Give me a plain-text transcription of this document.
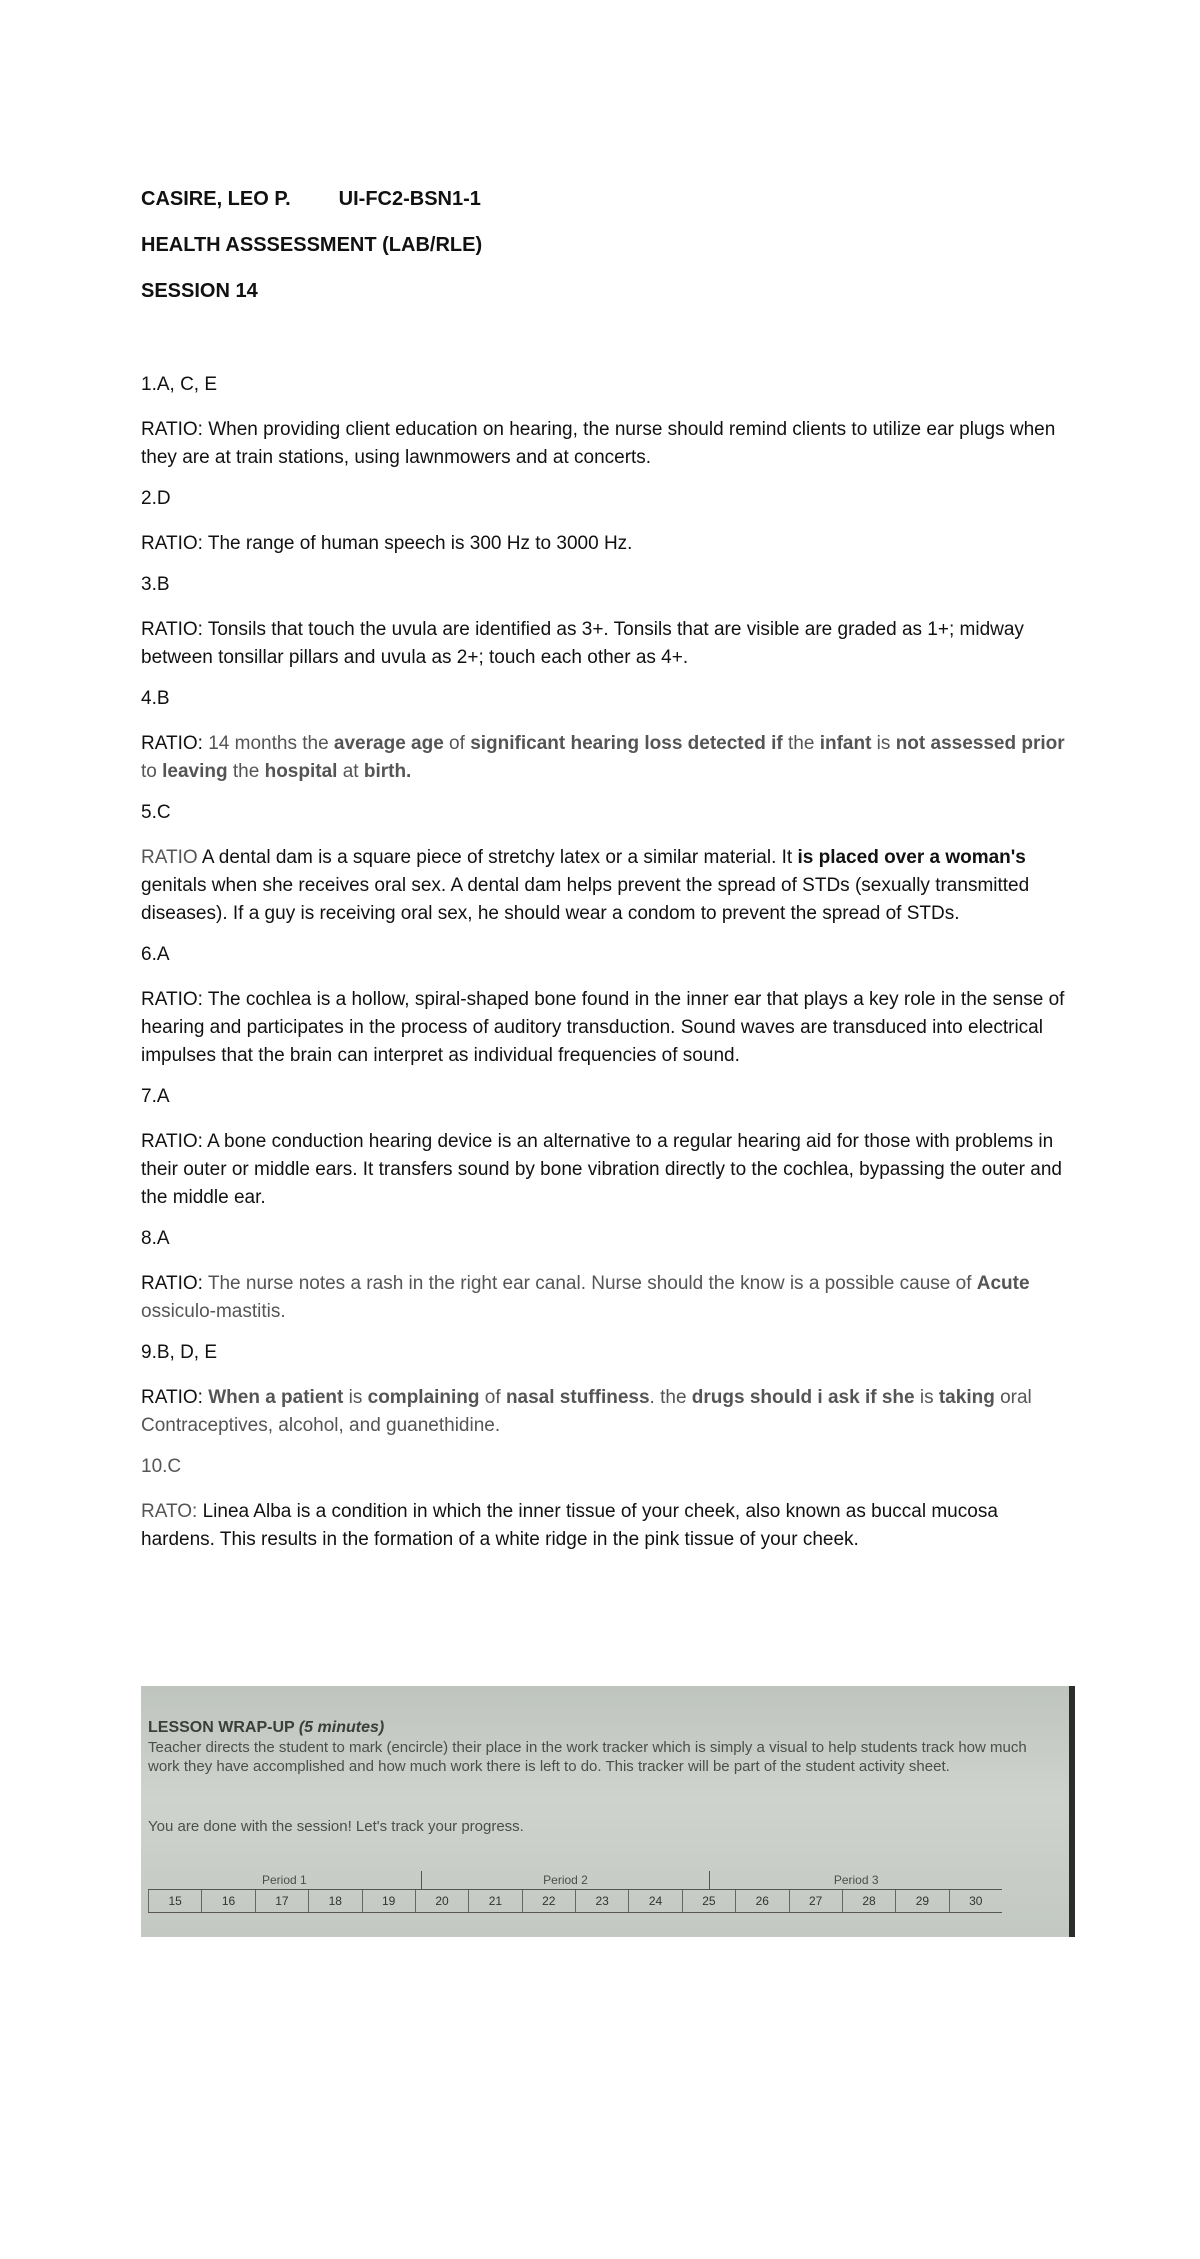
CASIRE, LEO P. UI-FC2-BSN1-1

HEALTH ASSSESSMENT (LAB/RLE)

SESSION 14

1.A, C, E

RATIO: When providing client education on hearing, the nurse should remind clients to utilize ear plugs when they are at train stations, using lawnmowers and at concerts.

2.D

RATIO: The range of human speech is 300 Hz to 3000 Hz.

3.B

RATIO: Tonsils that touch the uvula are identified as 3+. Tonsils that are visible are graded as 1+; midway between tonsillar pillars and uvula as 2+; touch each other as 4+.

4.B

RATIO: 14 months the average age of significant hearing loss detected if the infant is not assessed prior to leaving the hospital at birth.

5.C

RATIO A dental dam is a square piece of stretchy latex or a similar material. It is placed over a woman's genitals when she receives oral sex. A dental dam helps prevent the spread of STDs (sexually transmitted diseases). If a guy is receiving oral sex, he should wear a condom to prevent the spread of STDs.

6.A

RATIO: The cochlea is a hollow, spiral-shaped bone found in the inner ear that plays a key role in the sense of hearing and participates in the process of auditory transduction. Sound waves are transduced into electrical impulses that the brain can interpret as individual frequencies of sound.

7.A

RATIO: A bone conduction hearing device is an alternative to a regular hearing aid for those with problems in their outer or middle ears. It transfers sound by bone vibration directly to the cochlea, bypassing the outer and the middle ear.

8.A

RATIO: The nurse notes a rash in the right ear canal. Nurse should the know is a possible cause of Acute ossiculo-mastitis.

9.B, D, E

RATIO: When a patient is complaining of nasal stuffiness. the drugs should i ask if she is taking oral Contraceptives, alcohol, and guanethidine.

10.C

RATO: Linea Alba is a condition in which the inner tissue of your cheek, also known as buccal mucosa hardens. This results in the formation of a white ridge in the pink tissue of your cheek.

LESSON WRAP-UP (5 minutes)
Teacher directs the student to mark (encircle) their place in the work tracker which is simply a visual to help students track how much work they have accomplished and how much work there is left to do. This tracker will be part of the student activity sheet.
You are done with the session! Let's track your progress.
Period 1	Period 2	Period 3
15	16	17	18	19	20	21	22	23	24	25	26	27	28	29	30
